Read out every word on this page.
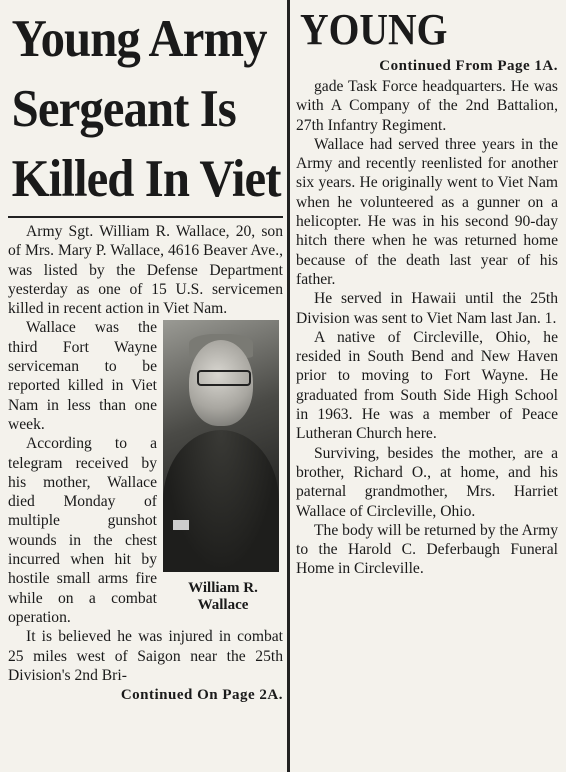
Young Army
Sergeant Is
Killed In Viet

Army Sgt. William R. Wallace, 20, son of Mrs. Mary P. Wallace, 4616 Beaver Ave., was listed by the Defense Department yesterday as one of 15 U.S. servicemen killed in recent action in Viet Nam.

William R.
Wallace

Wallace was the third Fort Wayne serviceman to be reported killed in Viet Nam in less than one week.

According to a telegram received by his mother, Wallace died Monday of multiple gunshot wounds in the chest incurred when hit by hostile small arms fire while on a combat operation.

It is believed he was injured in combat 25 miles west of Saigon near the 25th Division's 2nd Bri-

Continued On Page 2A.
YOUNG
Continued From Page 1A.

gade Task Force headquarters. He was with A Company of the 2nd Battalion, 27th Infantry Regiment.

Wallace had served three years in the Army and recently reenlisted for another six years. He originally went to Viet Nam when he volunteered as a gunner on a helicopter. He was in his second 90-day hitch there when he was returned home because of the death last year of his father.

He served in Hawaii until the 25th Division was sent to Viet Nam last Jan. 1.

A native of Circleville, Ohio, he resided in South Bend and New Haven prior to moving to Fort Wayne. He graduated from South Side High School in 1963. He was a member of Peace Lutheran Church here.

Surviving, besides the mother, are a brother, Richard O., at home, and his paternal grandmother, Mrs. Harriet Wallace of Circleville, Ohio.

The body will be returned by the Army to the Harold C. Deferbaugh Funeral Home in Circleville.
